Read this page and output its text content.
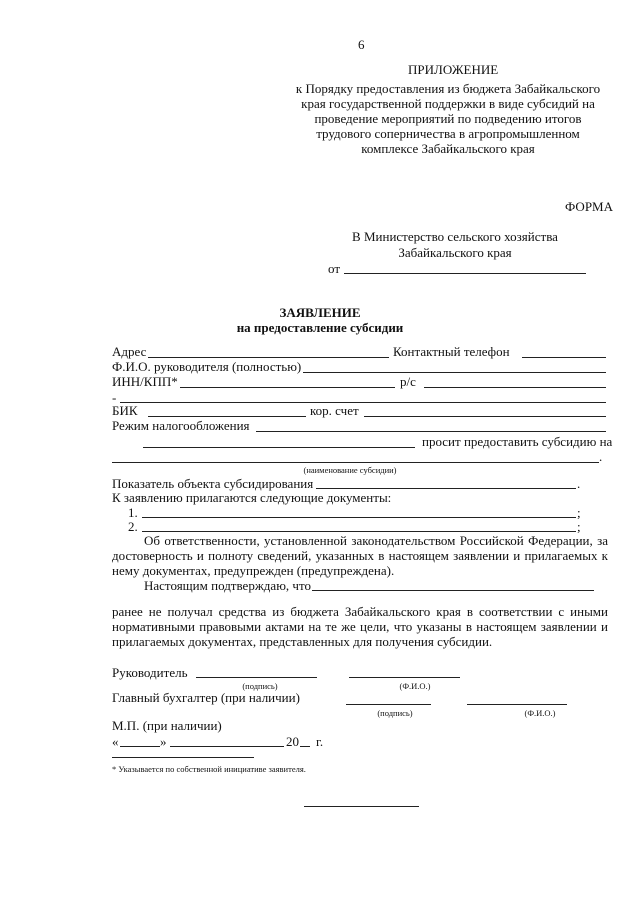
6
ПРИЛОЖЕНИЕ
к Порядку предоставления из бюджета Забайкальского
края государственной поддержки в виде субсидий на
проведение мероприятий по подведению итогов
трудового соперничества в агропромышленном
комплексе Забайкальского края
ФОРМА
В Министерство сельского хозяйства
Забайкальского края
от
ЗАЯВЛЕНИЕ
на предоставление субсидии
Адрес	Контактный телефон
Ф.И.О. руководителя (полностью)
ИНН/КПП*	р/с
-
БИК	кор. счет
Режим налогообложения
просит предоставить субсидию на
.
(наименование субсидии)
Показатель объекта субсидирования	.
К заявлению прилагаются следующие документы:
1.	;
2.	;
Об ответственности, установленной законодательством Российской Федерации, за достоверность и полноту сведений, указанных в настоящем заявлении и прилагаемых к нему документах, предупрежден (предупреждена).
Настоящим подтверждаю, что
ранее не получал средства из бюджета Забайкальского края в соответствии с иными нормативными правовыми актами на те же цели, что указаны в настоящем заявлении и прилагаемых документах, представленных для получения субсидии.
Руководитель
(подпись)	(Ф.И.О.)
Главный бухгалтер (при наличии)
(подпись)	(Ф.И.О.)
М.П. (при наличии)
«	»	20 г.
* Указывается по собственной инициативе заявителя.
